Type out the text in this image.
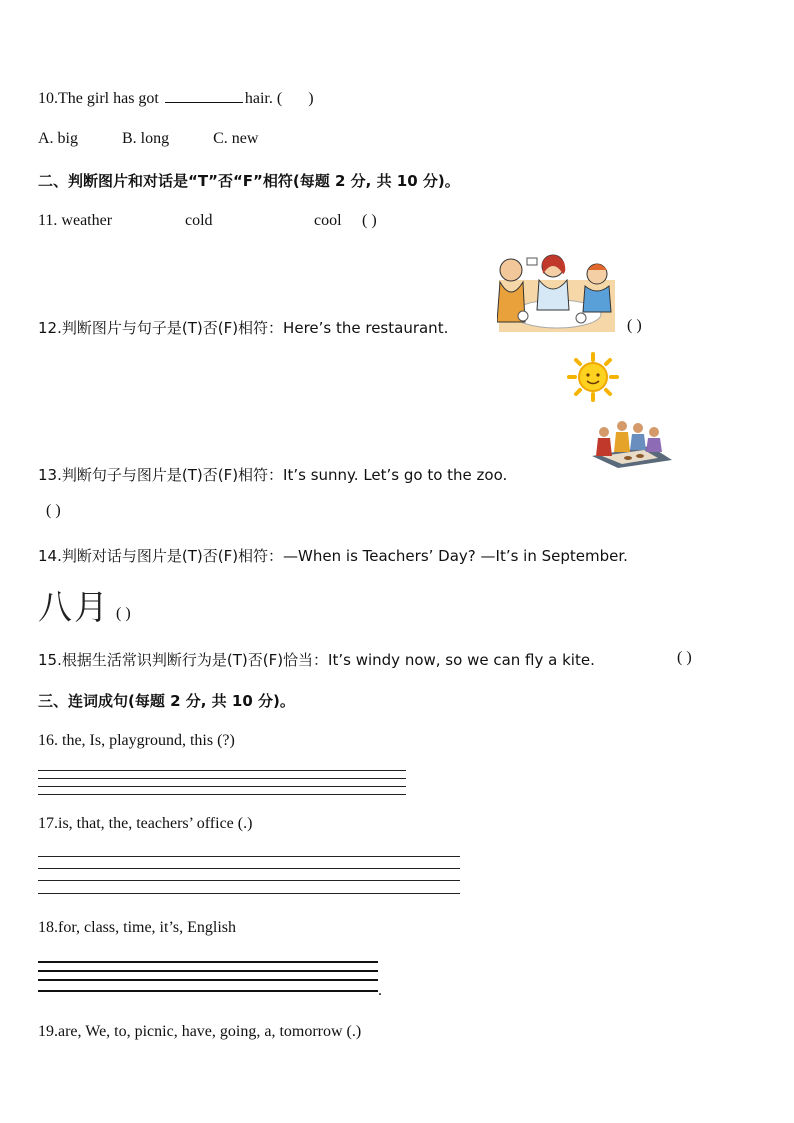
10.The girl has got	hair. ( )
A. big	B. long	C. new
二、判断图片和对话是“T”否“F”相符(每题 2 分, 共 10 分)。
11. weather	cold	cool ( )
12.判断图片与句子是(T)否(F)相符：Here’s the restaurant.	( )
13.判断句子与图片是(T)否(F)相符：It’s sunny. Let’s go to the zoo.
( )
14.判断对话与图片是(T)否(F)相符：—When is Teachers’ Day? —It’s in September.
八月 ( )
15.根据生活常识判断行为是(T)否(F)恰当：It’s windy now, so we can fly a kite.	( )
三、连词成句(每题 2 分, 共 10 分)。
16. the, Is, playground, this (?)
17.is, that, the, teachers’ office (.)
18.for, class, time, it’s, English
.
19.are, We, to, picnic, have, going, a, tomorrow (.)
